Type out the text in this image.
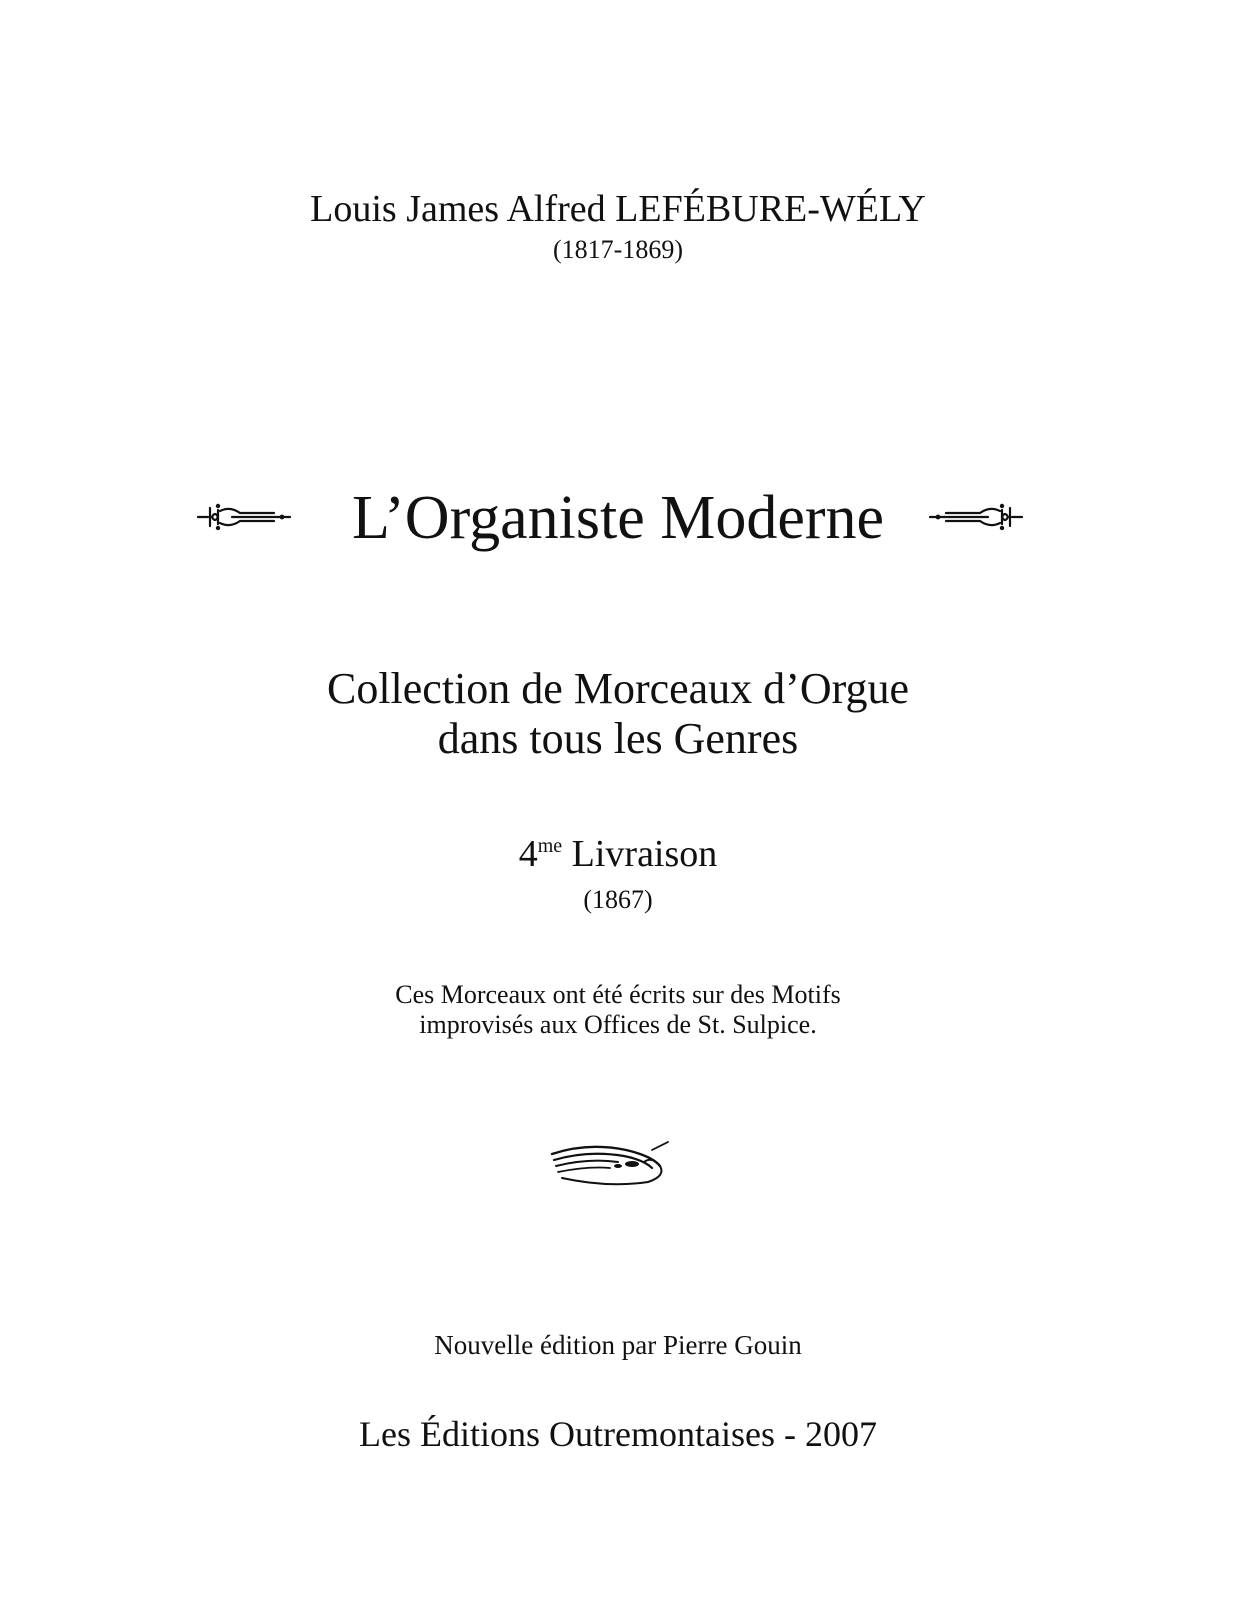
Louis James Alfred LEFÉBURE-WÉLY
(1817-1869)
L’Organiste Moderne
Collection de Morceaux d’Orgue
dans tous les Genres
$4^{me}$ Livraison
(1867)
Ces Morceaux ont été écrits sur des Motifs
improvisés aux Offices de St. Sulpice.
Nouvelle édition par Pierre Gouin
Les Éditions Outremontaises - 2007
